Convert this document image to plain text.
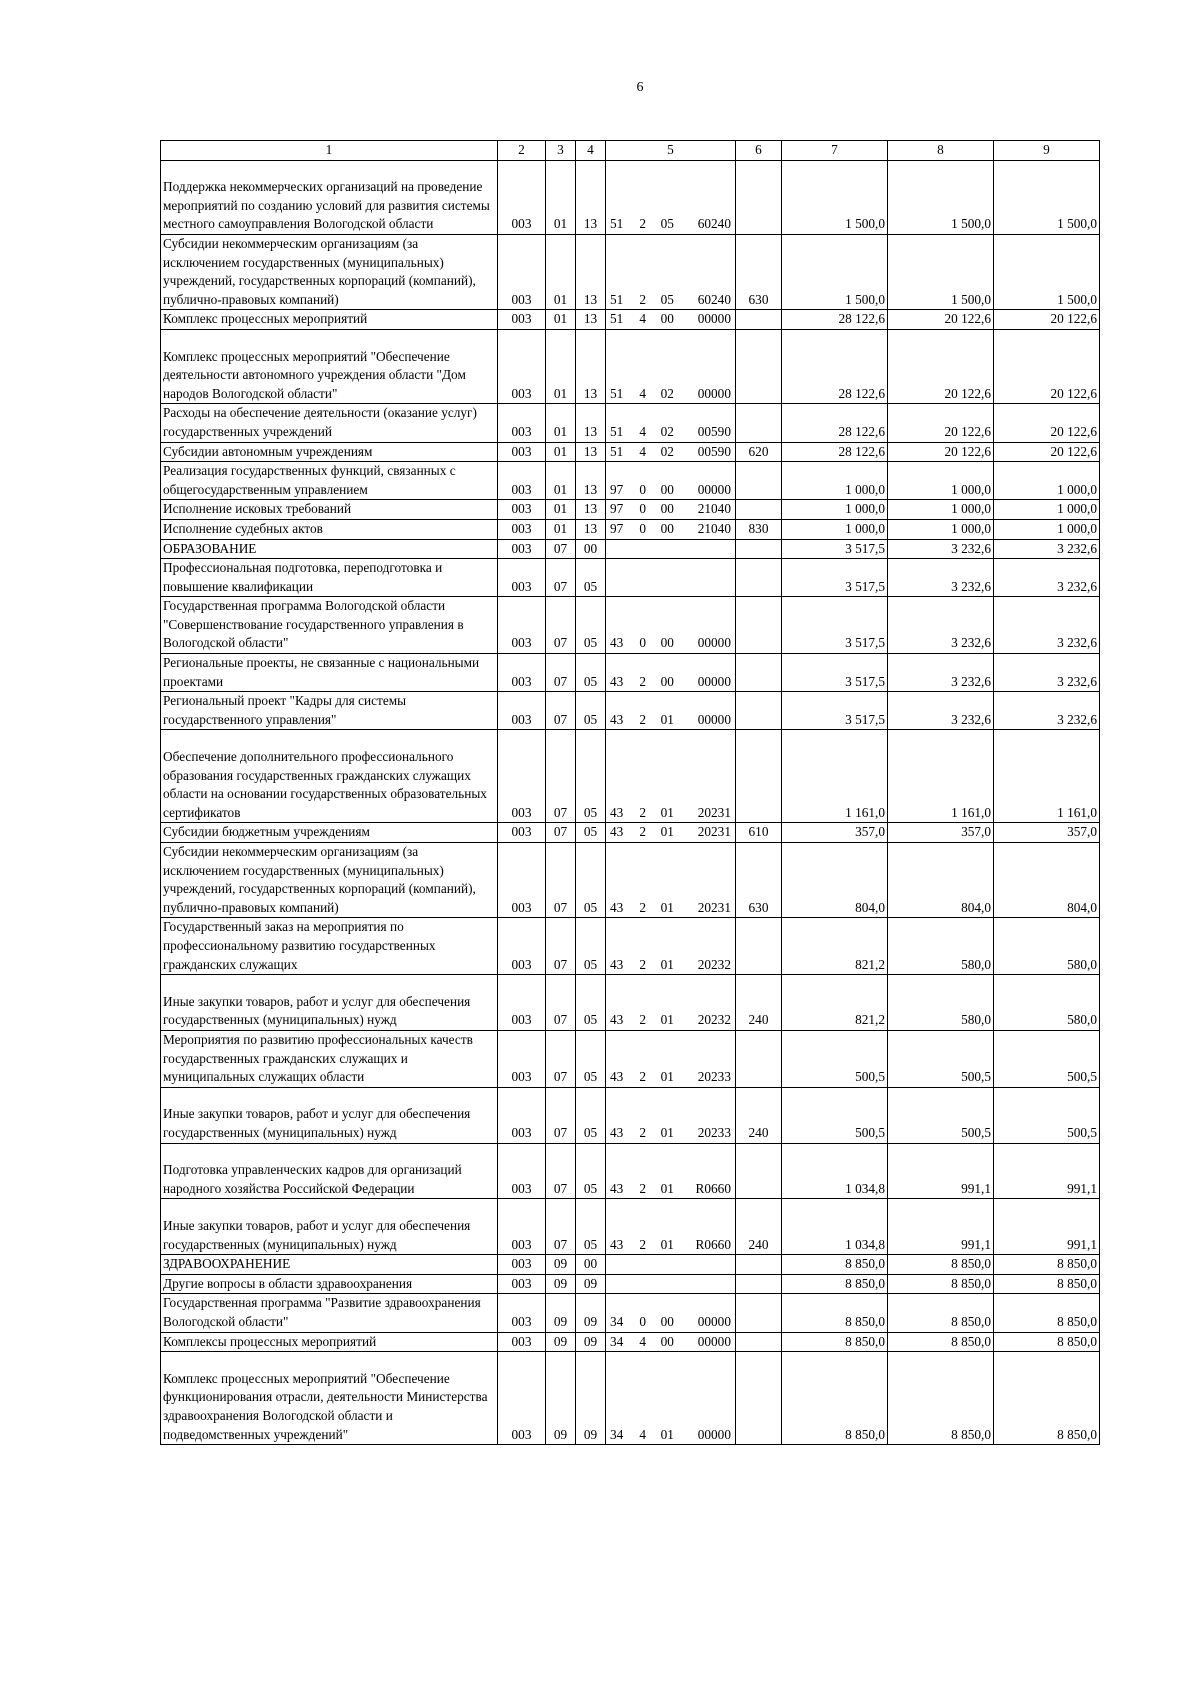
6
1	2	3	4	5	6	7	8	9
Поддержка некоммерческих организаций на проведение мероприятий по созданию условий для развития системы местного самоуправления Вологодской области	003	01	13	51 2 05 60240		1 500,0	1 500,0	1 500,0
Субсидии некоммерческим организациям (за исключением государственных (муниципальных) учреждений, государственных корпораций (компаний), публично-правовых компаний)	003	01	13	51 2 05 60240	630	1 500,0	1 500,0	1 500,0
Комплекс процессных мероприятий	003	01	13	51 4 00 00000		28 122,6	20 122,6	20 122,6
Комплекс процессных мероприятий "Обеспечение деятельности автономного учреждения области "Дом народов Вологодской области"	003	01	13	51 4 02 00000		28 122,6	20 122,6	20 122,6
Расходы на обеспечение деятельности (оказание услуг) государственных учреждений	003	01	13	51 4 02 00590		28 122,6	20 122,6	20 122,6
Субсидии автономным учреждениям	003	01	13	51 4 02 00590	620	28 122,6	20 122,6	20 122,6
Реализация государственных функций, связанных с общегосударственным управлением	003	01	13	97 0 00 00000		1 000,0	1 000,0	1 000,0
Исполнение исковых требований	003	01	13	97 0 00 21040		1 000,0	1 000,0	1 000,0
Исполнение судебных актов	003	01	13	97 0 00 21040	830	1 000,0	1 000,0	1 000,0
ОБРАЗОВАНИЕ	003	07	00			3 517,5	3 232,6	3 232,6
Профессиональная подготовка, переподготовка и повышение квалификации	003	07	05			3 517,5	3 232,6	3 232,6
Государственная программа Вологодской области "Совершенствование государственного управления в Вологодской области"	003	07	05	43 0 00 00000		3 517,5	3 232,6	3 232,6
Региональные проекты, не связанные с национальными проектами	003	07	05	43 2 00 00000		3 517,5	3 232,6	3 232,6
Региональный проект "Кадры для системы государственного управления"	003	07	05	43 2 01 00000		3 517,5	3 232,6	3 232,6
Обеспечение дополнительного профессионального образования государственных гражданских служащих области на основании государственных образовательных сертификатов	003	07	05	43 2 01 20231		1 161,0	1 161,0	1 161,0
Субсидии бюджетным учреждениям	003	07	05	43 2 01 20231	610	357,0	357,0	357,0
Субсидии некоммерческим организациям (за исключением государственных (муниципальных) учреждений, государственных корпораций (компаний), публично-правовых компаний)	003	07	05	43 2 01 20231	630	804,0	804,0	804,0
Государственный заказ на мероприятия по профессиональному развитию государственных гражданских служащих	003	07	05	43 2 01 20232		821,2	580,0	580,0
Иные закупки товаров, работ и услуг для обеспечения государственных (муниципальных) нужд	003	07	05	43 2 01 20232	240	821,2	580,0	580,0
Мероприятия по развитию профессиональных качеств государственных гражданских служащих и муниципальных служащих области	003	07	05	43 2 01 20233		500,5	500,5	500,5
Иные закупки товаров, работ и услуг для обеспечения государственных (муниципальных) нужд	003	07	05	43 2 01 20233	240	500,5	500,5	500,5
Подготовка управленческих кадров для организаций народного хозяйства Российской Федерации	003	07	05	43 2 01 R0660		1 034,8	991,1	991,1
Иные закупки товаров, работ и услуг для обеспечения государственных (муниципальных) нужд	003	07	05	43 2 01 R0660	240	1 034,8	991,1	991,1
ЗДРАВООХРАНЕНИЕ	003	09	00			8 850,0	8 850,0	8 850,0
Другие вопросы в области здравоохранения	003	09	09			8 850,0	8 850,0	8 850,0
Государственная программа "Развитие здравоохранения Вологодской области"	003	09	09	34 0 00 00000		8 850,0	8 850,0	8 850,0
Комплексы процессных мероприятий	003	09	09	34 4 00 00000		8 850,0	8 850,0	8 850,0
Комплекс процессных мероприятий "Обеспечение функционирования отрасли, деятельности Министерства здравоохранения Вологодской области и подведомственных учреждений"	003	09	09	34 4 01 00000		8 850,0	8 850,0	8 850,0
